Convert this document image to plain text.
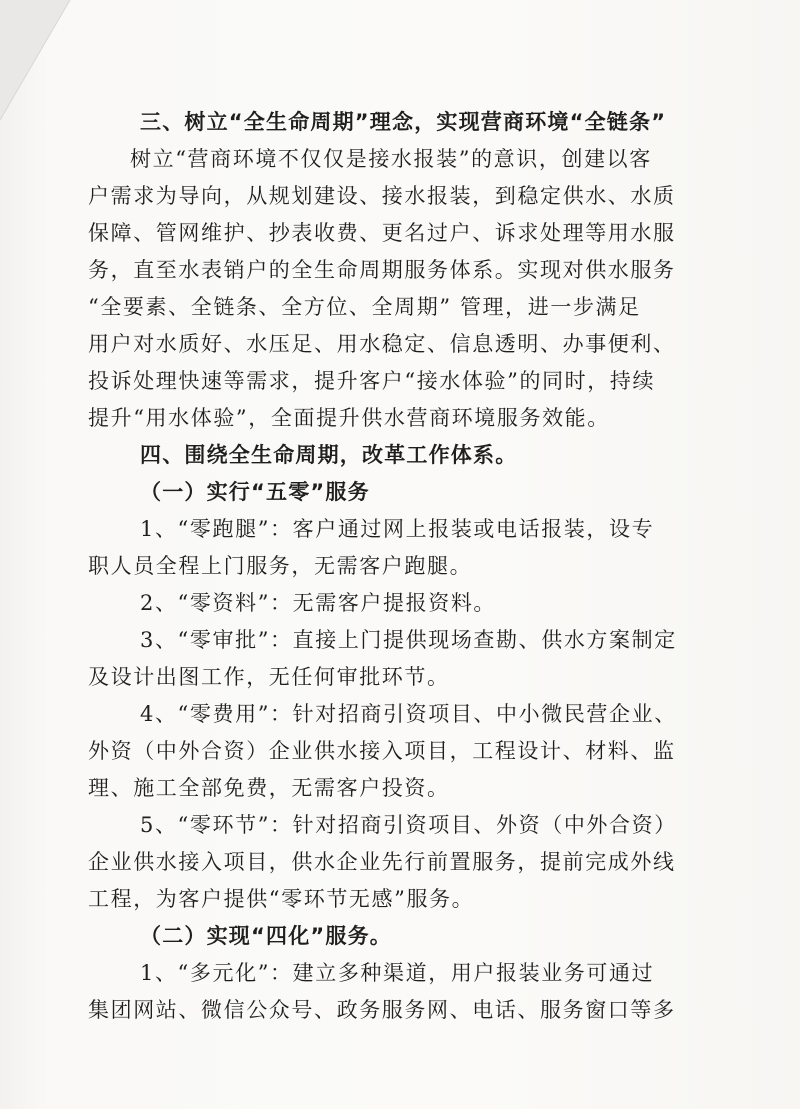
三、树立“全生命周期”理念，实现营商环境“全链条”
树立“营商环境不仅仅是接水报装”的意识，创建以客
户需求为导向，从规划建设、接水报装，到稳定供水、水质
保障、管网维护、抄表收费、更名过户、诉求处理等用水服
务，直至水表销户的全生命周期服务体系。实现对供水服务
“全要素、全链条、全方位、全周期” 管理，进一步满足
用户对水质好、水压足、用水稳定、信息透明、办事便利、
投诉处理快速等需求，提升客户“接水体验”的同时，持续
提升“用水体验”，全面提升供水营商环境服务效能。
四、围绕全生命周期，改革工作体系。
（一）实行“五零”服务
1、“零跑腿”：客户通过网上报装或电话报装，设专
职人员全程上门服务，无需客户跑腿。
2、“零资料”：无需客户提报资料。
3、“零审批”：直接上门提供现场查勘、供水方案制定
及设计出图工作，无任何审批环节。
4、“零费用”：针对招商引资项目、中小微民营企业、
外资（中外合资）企业供水接入项目，工程设计、材料、监
理、施工全部免费，无需客户投资。
5、“零环节”：针对招商引资项目、外资（中外合资）
企业供水接入项目，供水企业先行前置服务，提前完成外线
工程，为客户提供“零环节无感”服务。
（二）实现“四化”服务。
1、“多元化”：建立多种渠道，用户报装业务可通过
集团网站、微信公众号、政务服务网、电话、服务窗口等多
